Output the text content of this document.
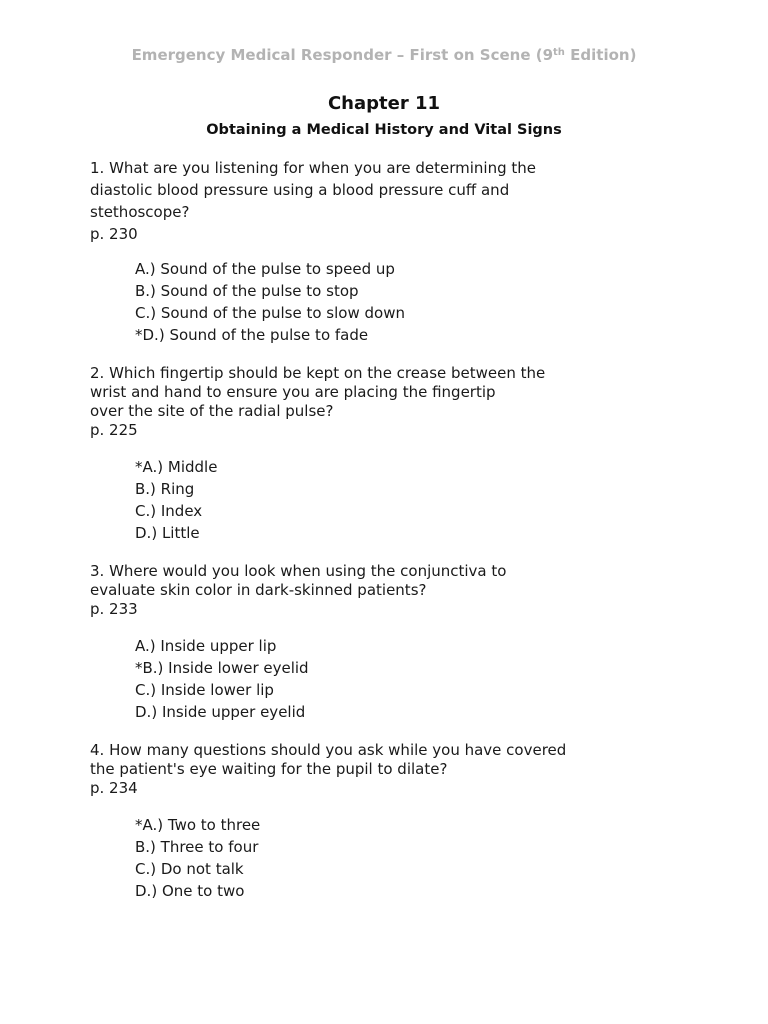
Emergency Medical Responder – First on Scene (9th Edition)
Chapter 11
Obtaining a Medical History and Vital Signs
1. What are you listening for when you are determining the
diastolic blood pressure using a blood pressure cuff and
stethoscope?
p. 230
A.) Sound of the pulse to speed up
B.) Sound of the pulse to stop
C.) Sound of the pulse to slow down
*D.) Sound of the pulse to fade
2. Which fingertip should be kept on the crease between the
wrist and hand to ensure you are placing the fingertip
over the site of the radial pulse?
p. 225
*A.) Middle
B.) Ring
C.) Index
D.) Little
3. Where would you look when using the conjunctiva to
evaluate skin color in dark-skinned patients?
p. 233
A.) Inside upper lip
*B.) Inside lower eyelid
C.) Inside lower lip
D.) Inside upper eyelid
4. How many questions should you ask while you have covered
the patient's eye waiting for the pupil to dilate?
p. 234
*A.) Two to three
B.) Three to four
C.) Do not talk
D.) One to two
